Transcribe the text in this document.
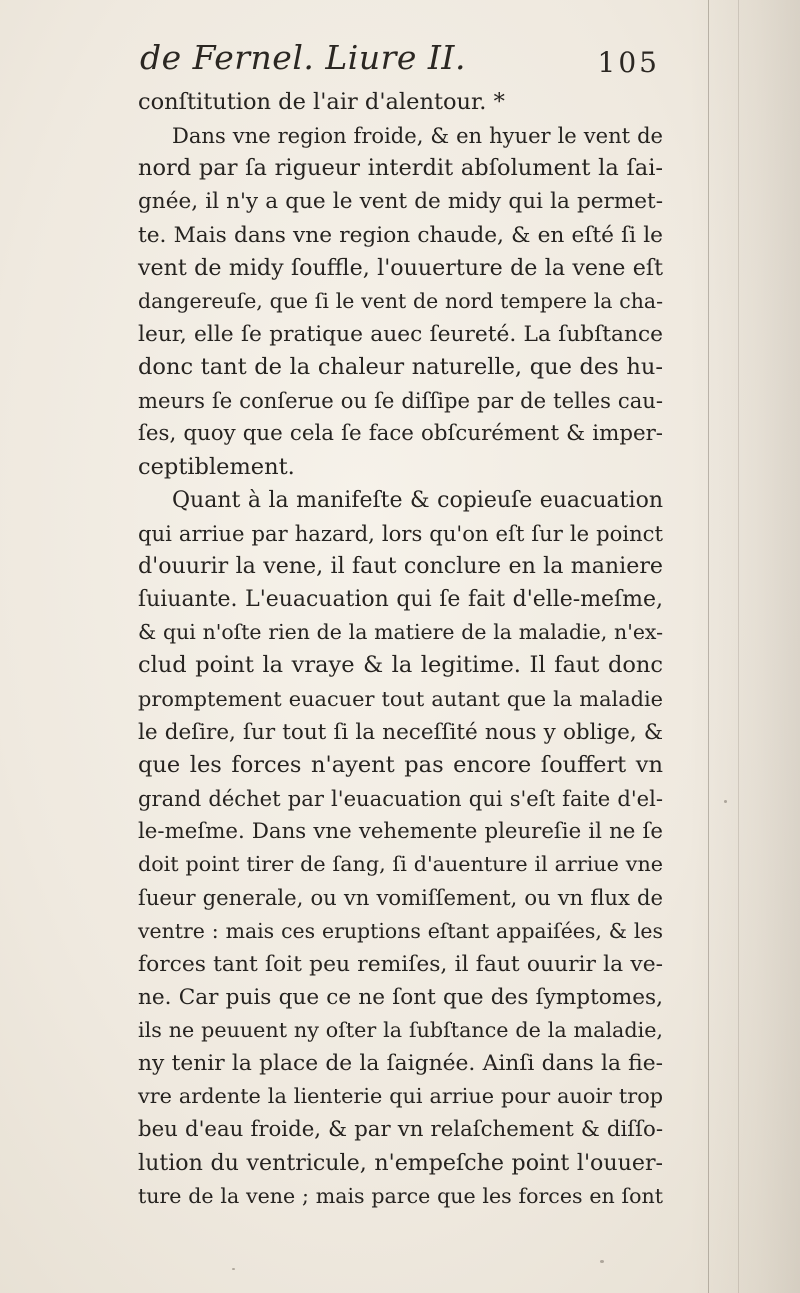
de Fernel. Liure II.	105
conſtitution de l'air d'alentour. *
Dans vne region froide, & en hyuer le vent de
nord par ſa rigueur interdit abſolument la ſai-
gnée, il n'y a que le vent de midy qui la permet-
te. Mais dans vne region chaude, & en eſté ſi le
vent de midy ſouffle, l'ouuerture de la vene eſt
dangereuſe, que ſi le vent de nord tempere la cha-
leur, elle ſe pratique auec ſeureté. La ſubſtance
donc tant de la chaleur naturelle, que des hu-
meurs ſe conſerue ou ſe diſſipe par de telles cau-
ſes, quoy que cela ſe face obſcurément & imper-
ceptiblement.
Quant à la manifeſte & copieuſe euacuation
qui arriue par hazard, lors qu'on eſt ſur le poinct
d'ouurir la vene, il faut conclure en la maniere
ſuiuante. L'euacuation qui ſe fait d'elle-meſme,
& qui n'oſte rien de la matiere de la maladie, n'ex-
clud point la vraye & la legitime. Il faut donc
promptement euacuer tout autant que la maladie
le deſire, ſur tout ſi la neceſſité nous y oblige, &
que les forces n'ayent pas encore ſouffert vn
grand déchet par l'euacuation qui s'eſt faite d'el-
le-meſme. Dans vne vehemente pleureſie il ne ſe
doit point tirer de ſang, ſi d'auenture il arriue vne
ſueur generale, ou vn vomiſſement, ou vn flux de
ventre : mais ces eruptions eſtant appaiſées, & les
forces tant ſoit peu remiſes, il faut ouurir la ve-
ne. Car puis que ce ne ſont que des ſymptomes,
ils ne peuuent ny oſter la ſubſtance de la maladie,
ny tenir la place de la ſaignée. Ainſi dans la fie-
vre ardente la lienterie qui arriue pour auoir trop
beu d'eau froide, & par vn relaſchement & diſſo-
lution du ventricule, n'empeſche point l'ouuer-
ture de la vene ; mais parce que les forces en ſont
